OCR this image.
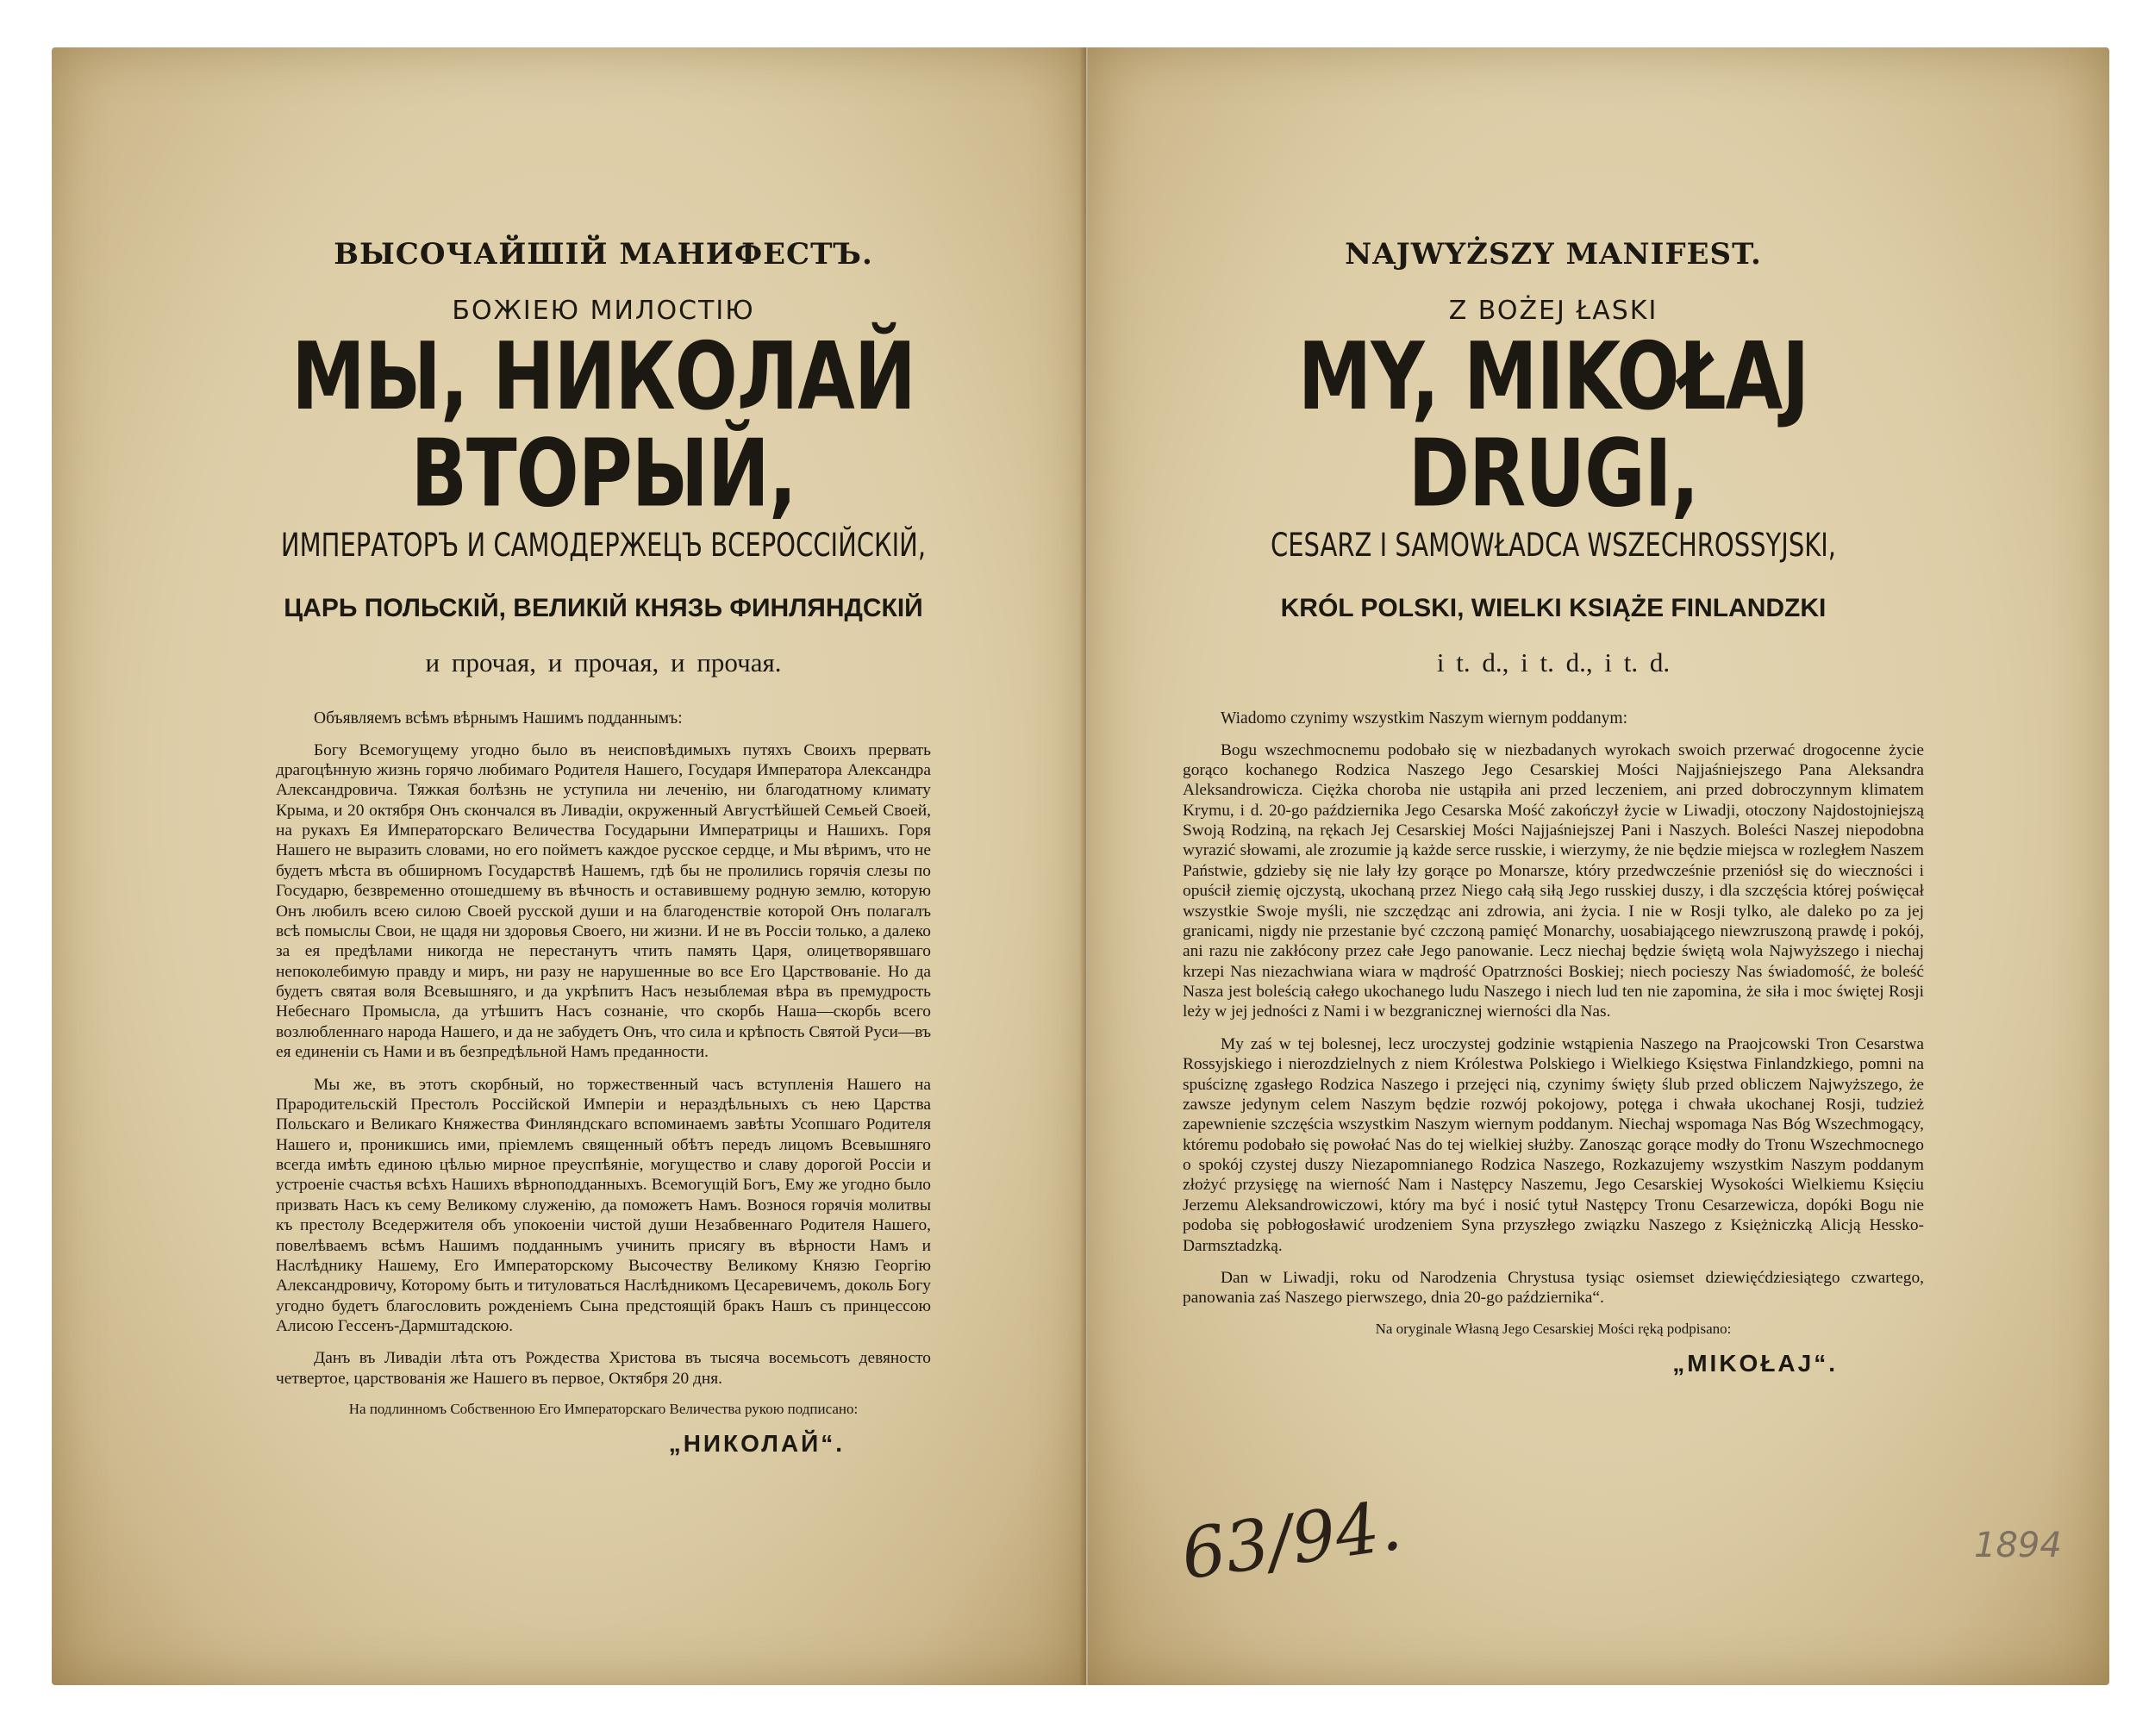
ВЫСОЧАЙШІЙ МАНИФЕСТЪ.
БОЖІЕЮ МИЛОСТІЮ
МЫ, НИКОЛАЙ ВТОРЫЙ,
ИМПЕРАТОРЪ И САМОДЕРЖЕЦЪ ВСЕРОССІЙСКІЙ,
ЦАРЬ ПОЛЬСКІЙ, ВЕЛИКІЙ КНЯЗЬ ФИНЛЯНДСКІЙ
и прочая, и прочая, и прочая.
Объявляемъ всѣмъ вѣрнымъ Нашимъ подданнымъ:

Богу Всемогущему угодно было въ неисповѣдимыхъ путяхъ Своихъ прервать драгоцѣнную жизнь горячо любимаго Родителя Нашего, Государя Императора Александра Александровича. Тяжкая болѣзнь не уступила ни леченію, ни благодатному климату Крыма, и 20 октября Онъ скончался въ Ливадіи, окруженный Августѣйшей Семьей Своей, на рукахъ Ея Императорскаго Величества Государыни Императрицы и Нашихъ. Горя Нашего не выразить словами, но его пойметъ каждое русское сердце, и Мы вѣримъ, что не будетъ мѣста въ обширномъ Государствѣ Нашемъ, гдѣ бы не пролились горячія слезы по Государю, безвременно отошедшему въ вѣчность и оставившему родную землю, которую Онъ любилъ всею силою Своей русской души и на благоденствіе которой Онъ полагалъ всѣ помыслы Свои, не щадя ни здоровья Своего, ни жизни. И не въ Россіи только, а далеко за ея предѣлами никогда не перестанутъ чтить память Царя, олицетворявшаго непоколебимую правду и миръ, ни разу не нарушенные во все Его Царствованіе. Но да будетъ святая воля Всевышняго, и да укрѣпитъ Насъ незыблемая вѣра въ премудрость Небеснаго Промысла, да утѣшитъ Насъ сознаніе, что скорбь Наша—скорбь всего возлюбленнаго народа Нашего, и да не забудетъ Онъ, что сила и крѣпость Святой Руси—въ ея единеніи съ Нами и въ безпредѣльной Намъ преданности.

Мы же, въ этотъ скорбный, но торжественный часъ вступленія Нашего на Прародительскій Престолъ Россійской Имперіи и нераздѣльныхъ съ нею Царства Польскаго и Великаго Княжества Финляндскаго вспоминаемъ завѣты Усопшаго Родителя Нашего и, проникшись ими, пріемлемъ священный обѣтъ передъ лицомъ Всевышняго всегда имѣть единою цѣлью мирное преуспѣяніе, могущество и славу дорогой Россіи и устроеніе счастья всѣхъ Нашихъ вѣрноподданныхъ. Всемогущій Богъ, Ему же угодно было призвать Насъ къ сему Великому служенію, да поможетъ Намъ. Вознося горячія молитвы къ престолу Вседержителя объ упокоеніи чистой души Незабвеннаго Родителя Нашего, повелѣваемъ всѣмъ Нашимъ подданнымъ учинить присягу въ вѣрности Намъ и Наслѣднику Нашему, Его Императорскому Высочеству Великому Князю Георгію Александровичу, Которому быть и титуловаться Наслѣдникомъ Цесаревичемъ, доколь Богу угодно будетъ благословить рожденіемъ Сына предстоящій бракъ Нашъ съ принцессою Алисою Гессенъ-Дармштадскою.

Данъ въ Ливадіи лѣта отъ Рождества Христова въ тысяча восемьсотъ девяносто четвертое, царствованія же Нашего въ первое, Октября 20 дня.

На подлинномъ Собственною Его Императорскаго Величества рукою подписано:
„НИКОЛАЙ“.
NAJWYŻSZY MANIFEST.
Z BOŻEJ ŁASKI
MY, MIKOŁAJ DRUGI,
CESARZ I SAMOWŁADCA WSZECHROSSYJSKI,
KRÓL POLSKI, WIELKI KSIĄŻE FINLANDZKI
i t. d., i t. d., i t. d.
Wiadomo czynimy wszystkim Naszym wiernym poddanym:

Bogu wszechmocnemu podobało się w niezbadanych wyrokach swoich przerwać drogocenne życie gorąco kochanego Rodzica Naszego Jego Cesarskiej Mości Najjaśniejszego Pana Aleksandra Aleksandrowicza. Ciężka choroba nie ustąpiła ani przed leczeniem, ani przed dobroczynnym klimatem Krymu, i d. 20-go października Jego Cesarska Mość zakończył życie w Liwadji, otoczony Najdostojniejszą Swoją Rodziną, na rękach Jej Cesarskiej Mości Najjaśniejszej Pani i Naszych. Boleści Naszej niepodobna wyrazić słowami, ale zrozumie ją każde serce russkie, i wierzymy, że nie będzie miejsca w rozległem Naszem Państwie, gdzieby się nie lały łzy gorące po Monarsze, który przedwcześnie przeniósł się do wieczności i opuścił ziemię ojczystą, ukochaną przez Niego całą siłą Jego russkiej duszy, i dla szczęścia której poświęcał wszystkie Swoje myśli, nie szczędząc ani zdrowia, ani życia. I nie w Rosji tylko, ale daleko po za jej granicami, nigdy nie przestanie być czczoną pamięć Monarchy, uosabiającego niewzruszoną prawdę i pokój, ani razu nie zakłócony przez całe Jego panowanie. Lecz niechaj będzie świętą wola Najwyższego i niechaj krzepi Nas niezachwiana wiara w mądrość Opatrzności Boskiej; niech pocieszy Nas świadomość, że boleść Nasza jest boleścią całego ukochanego ludu Naszego i niech lud ten nie zapomina, że siła i moc świętej Rosji leży w jej jedności z Nami i w bezgranicznej wierności dla Nas.

My zaś w tej bolesnej, lecz uroczystej godzinie wstąpienia Naszego na Praojcowski Tron Cesarstwa Rossyjskiego i nierozdzielnych z niem Królestwa Polskiego i Wielkiego Księstwa Finlandzkiego, pomni na spuściznę zgasłego Rodzica Naszego i przejęci nią, czynimy święty ślub przed obliczem Najwyższego, że zawsze jedynym celem Naszym będzie rozwój pokojowy, potęga i chwała ukochanej Rosji, tudzież zapewnienie szczęścia wszystkim Naszym wiernym poddanym. Niechaj wspomaga Nas Bóg Wszechmogący, któremu podobało się powołać Nas do tej wielkiej służby. Zanosząc gorące modły do Tronu Wszechmocnego o spokój czystej duszy Niezapomnianego Rodzica Naszego, Rozkazujemy wszystkim Naszym poddanym złożyć przysięgę na wierność Nam i Następcy Naszemu, Jego Cesarskiej Wysokości Wielkiemu Księciu Jerzemu Aleksandrowiczowi, który ma być i nosić tytuł Następcy Tronu Cesarzewicza, dopóki Bogu nie podoba się pobłogosławić urodzeniem Syna przyszłego związku Naszego z Księżniczką Alicją Hessko-Darmsztadzką.

Dan w Liwadji, roku od Narodzenia Chrystusa tysiąc osiemset dziewięćdziesiątego czwartego, panowania zaś Naszego pierwszego, dnia 20-go października“.

Na oryginale Własną Jego Cesarskiej Mości ręką podpisano:
„MIKOŁAJ“.
63/94.	1894
